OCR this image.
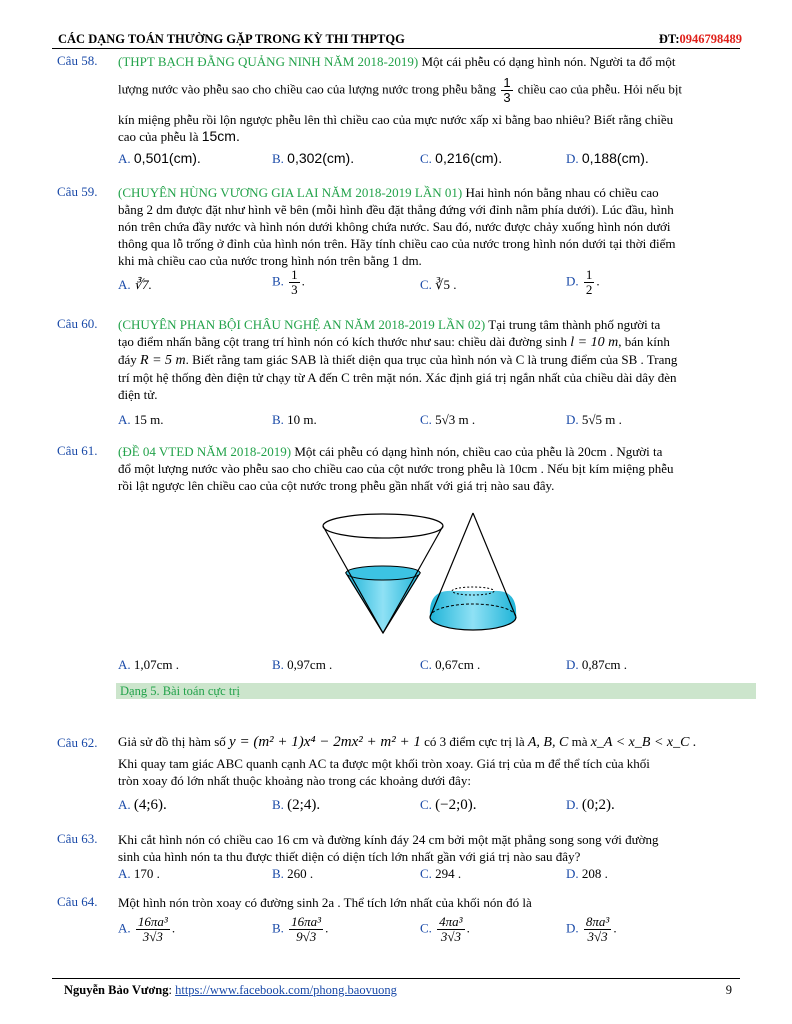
CÁC DẠNG TOÁN THƯỜNG GẶP TRONG KỲ THI THPTQG	ĐT:0946798489
Câu 58. (THPT BẠCH ĐẰNG QUẢNG NINH NĂM 2018-2019) Một cái phễu có dạng hình nón. Người ta đổ một
lượng nước vào phễu sao cho chiều cao của lượng nước trong phễu bằng $\frac{1}{3}$ chiều cao của phễu. Hỏi nếu bịt
kín miệng phễu rồi lộn ngược phễu lên thì chiều cao của mực nước xấp xỉ bằng bao nhiêu? Biết rằng chiều
cao của phễu là 15cm.
A. 0,501(cm).	B. 0,302(cm).	C. 0,216(cm).	D. 0,188(cm).
Câu 59. (CHUYÊN HÙNG VƯƠNG GIA LAI NĂM 2018-2019 LẦN 01) Hai hình nón bằng nhau có chiều cao
bằng 2 dm được đặt như hình vẽ bên (mỗi hình đều đặt thẳng đứng với đỉnh nằm phía dưới). Lúc đầu, hình
nón trên chứa đầy nước và hình nón dưới không chứa nước. Sau đó, nước được chảy xuống hình nón dưới
thông qua lỗ trống ở đỉnh của hình nón trên. Hãy tính chiều cao của nước trong hình nón dưới tại thời điểm
khi mà chiều cao của nước trong hình nón trên bằng 1 dm.
A. ∛7.	B. $\frac{1}{3}$ .	C. ∛5 .	D. $\frac{1}{2}$ .
Câu 60. (CHUYÊN PHAN BỘI CHÂU NGHỆ AN NĂM 2018-2019 LẦN 02) Tại trung tâm thành phố người ta
tạo điểm nhấn bằng cột trang trí hình nón có kích thước như sau: chiều dài đường sinh l = 10 m, bán kính
đáy R = 5 m. Biết rằng tam giác SAB là thiết diện qua trục của hình nón và C là trung điểm của SB . Trang
trí một hệ thống đèn điện tử chạy từ A đến C trên mặt nón. Xác định giá trị ngắn nhất của chiều dài dây đèn
điện tử.
A. 15 m.	B. 10 m.	C. 5√3 m .	D. 5√5 m .
Câu 61. (ĐỀ 04 VTED NĂM 2018-2019) Một cái phễu có dạng hình nón, chiều cao của phễu là 20cm . Người ta
đổ một lượng nước vào phễu sao cho chiều cao của cột nước trong phễu là 10cm . Nếu bịt kím miệng phễu
rồi lật ngược lên chiều cao của cột nước trong phễu gần nhất với giá trị nào sau đây.
A. 1,07cm .	B. 0,97cm .	C. 0,67cm .	D. 0,87cm .
Dạng 5. Bài toán cực trị
Câu 62. Giả sử đồ thị hàm số y = (m² + 1)x⁴ − 2mx² + m² + 1 có 3 điểm cực trị là A, B, C mà x_A < x_B < x_C .
Khi quay tam giác ABC quanh cạnh AC ta được một khối tròn xoay. Giá trị của m để thể tích của khối
tròn xoay đó lớn nhất thuộc khoảng nào trong các khoảng dưới đây:
A. (4;6).	B. (2;4).	C. (−2;0).	D. (0;2).
Câu 63. Khi cắt hình nón có chiều cao 16 cm và đường kính đáy 24 cm bởi một mặt phẳng song song với đường
sinh của hình nón ta thu được thiết diện có diện tích lớn nhất gần với giá trị nào sau đây?
A. 170 .	B. 260 .	C. 294 .	D. 208 .
Câu 64. Một hình nón tròn xoay có đường sinh 2a . Thể tích lớn nhất của khối nón đó là
A. $\frac{\text{16πa³}}{3√3}$ .	B. $\frac{\text{16πa³}}{9√3}$ .	C. $\frac{\text{4πa³}}{3√3}$ .	D. $\frac{\text{8πa³}}{3√3}$ .
Nguyễn Bảo Vương: https://www.facebook.com/phong.baovuong	9
